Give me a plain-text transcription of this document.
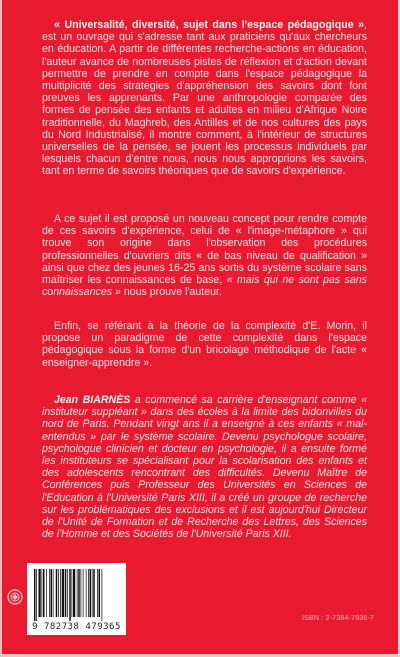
« Universalité, diversité, sujet dans l'espace pédagogique », est un ouvrage qui s'adresse tant aux praticiens qu'aux chercheurs en éducation. A partir de différentes recherche-actions en éducation, l'auteur avance de nombreuses pistes de réflexion et d'action devant permettre de prendre en compte dans l'espace pédagogique la multiplicité des stratégies d'appréhension des savoirs dont font preuves les apprenants. Par une anthropologie comparée des formes de pensée des enfants et adultes en milieu d'Afrique Noire traditionnelle, du Maghreb, des Antilles et de nos cultures des pays du Nord Industrialisé, il montre comment, à l'intérieur de structures universelles de la pensée, se jouent les processus individuels par lesquels chacun d'entre nous, nous nous approprions les savoirs, tant en terme de savoirs théoriques que de savoirs d'expérience.

A ce sujet il est proposé un nouveau concept pour rendre compte de ces savoirs d'expérience, celui de « l'image-métaphore » qui trouve son origine dans l'observation des procédures professionnelles d'ouvriers dits « de bas niveau de qualification » ainsi que chez des jeunes 16-25 ans sortis du système scolaire sans maîtriser les connaissances de base, « mais qui ne sont pas sans connaissances » nous prouve l'auteur.

Enfin, se référant à la théorie de la complexité d'E. Morin, il propose un paradigme de cette complexité dans l'espace pédagogique sous la forme d'un bricolage méthodique de l'acte « enseigner-apprendre ».

Jean BIARNÈS a commencé sa carrière d'enseignant comme « instituteur suppléant » dans des écoles à la limite des bidonvilles du nord de Paris. Pendant vingt ans il a enseigné à ces enfants « mal-entendus » par le système scolaire. Devenu psychologue scolaire, psychologue clinicien et docteur en psychologie, il a ensuite formé les instituteurs se spécialisant pour la scolarisation des enfants et des adolescents rencontrant des difficultés. Devenu Maître de Conférences puis Professeur des Universités en Sciences de l'Education à l'Université Paris XIII, il a créé un groupe de recherche sur les problématiques des exclusions et il est aujourd'hui Directeur de l'Unité de Formation et de Recherche des Lettres, des Sciences de l'Homme et des Sociétés de l'Université Paris XIII.

9 782738 479365
ISBN : 2-7384-7936-7
